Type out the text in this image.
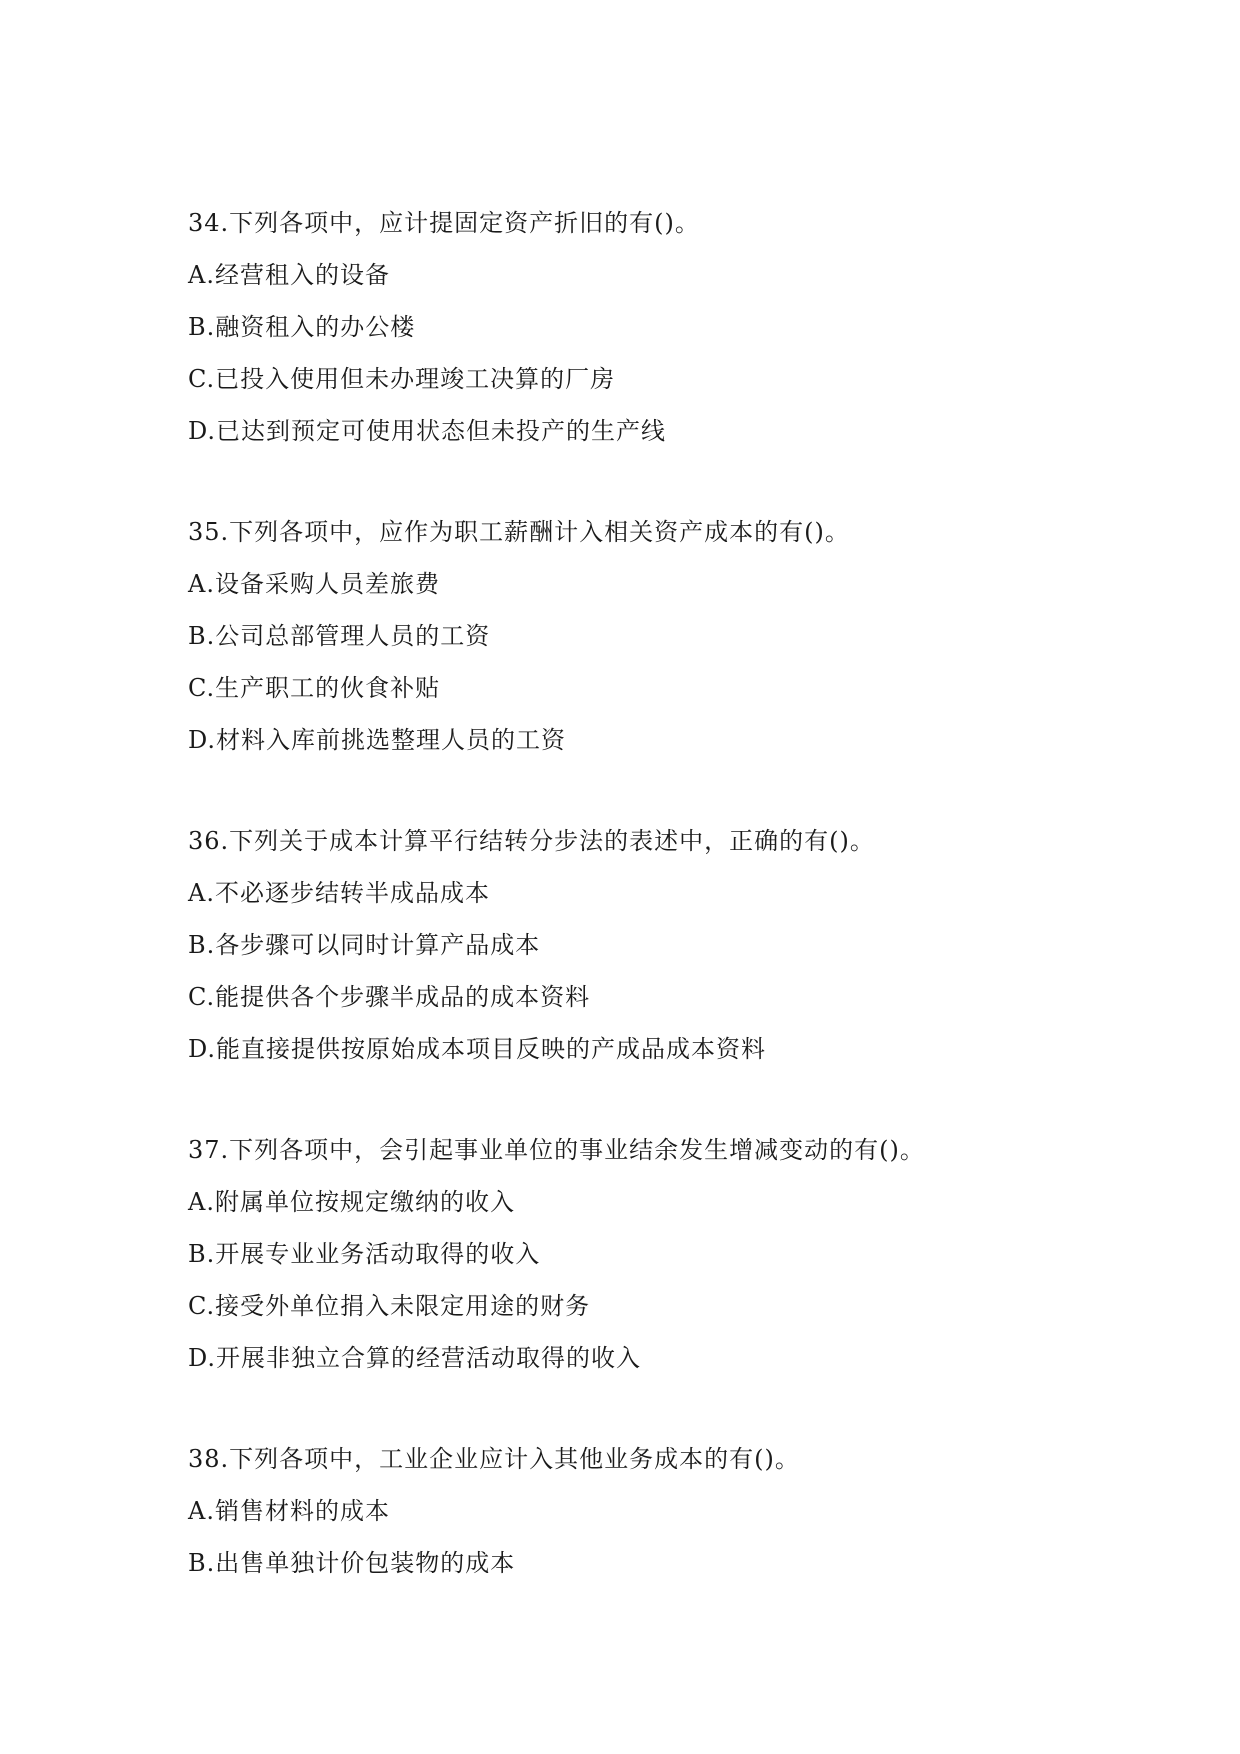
34.下列各项中，应计提固定资产折旧的有()。
A.经营租入的设备
B.融资租入的办公楼
C.已投入使用但未办理竣工决算的厂房
D.已达到预定可使用状态但未投产的生产线
35.下列各项中，应作为职工薪酬计入相关资产成本的有()。
A.设备采购人员差旅费
B.公司总部管理人员的工资
C.生产职工的伙食补贴
D.材料入库前挑选整理人员的工资
36.下列关于成本计算平行结转分步法的表述中，正确的有()。
A.不必逐步结转半成品成本
B.各步骤可以同时计算产品成本
C.能提供各个步骤半成品的成本资料
D.能直接提供按原始成本项目反映的产成品成本资料
37.下列各项中，会引起事业单位的事业结余发生增减变动的有()。
A.附属单位按规定缴纳的收入
B.开展专业业务活动取得的收入
C.接受外单位捐入未限定用途的财务
D.开展非独立合算的经营活动取得的收入
38.下列各项中，工业企业应计入其他业务成本的有()。
A.销售材料的成本
B.出售单独计价包装物的成本
